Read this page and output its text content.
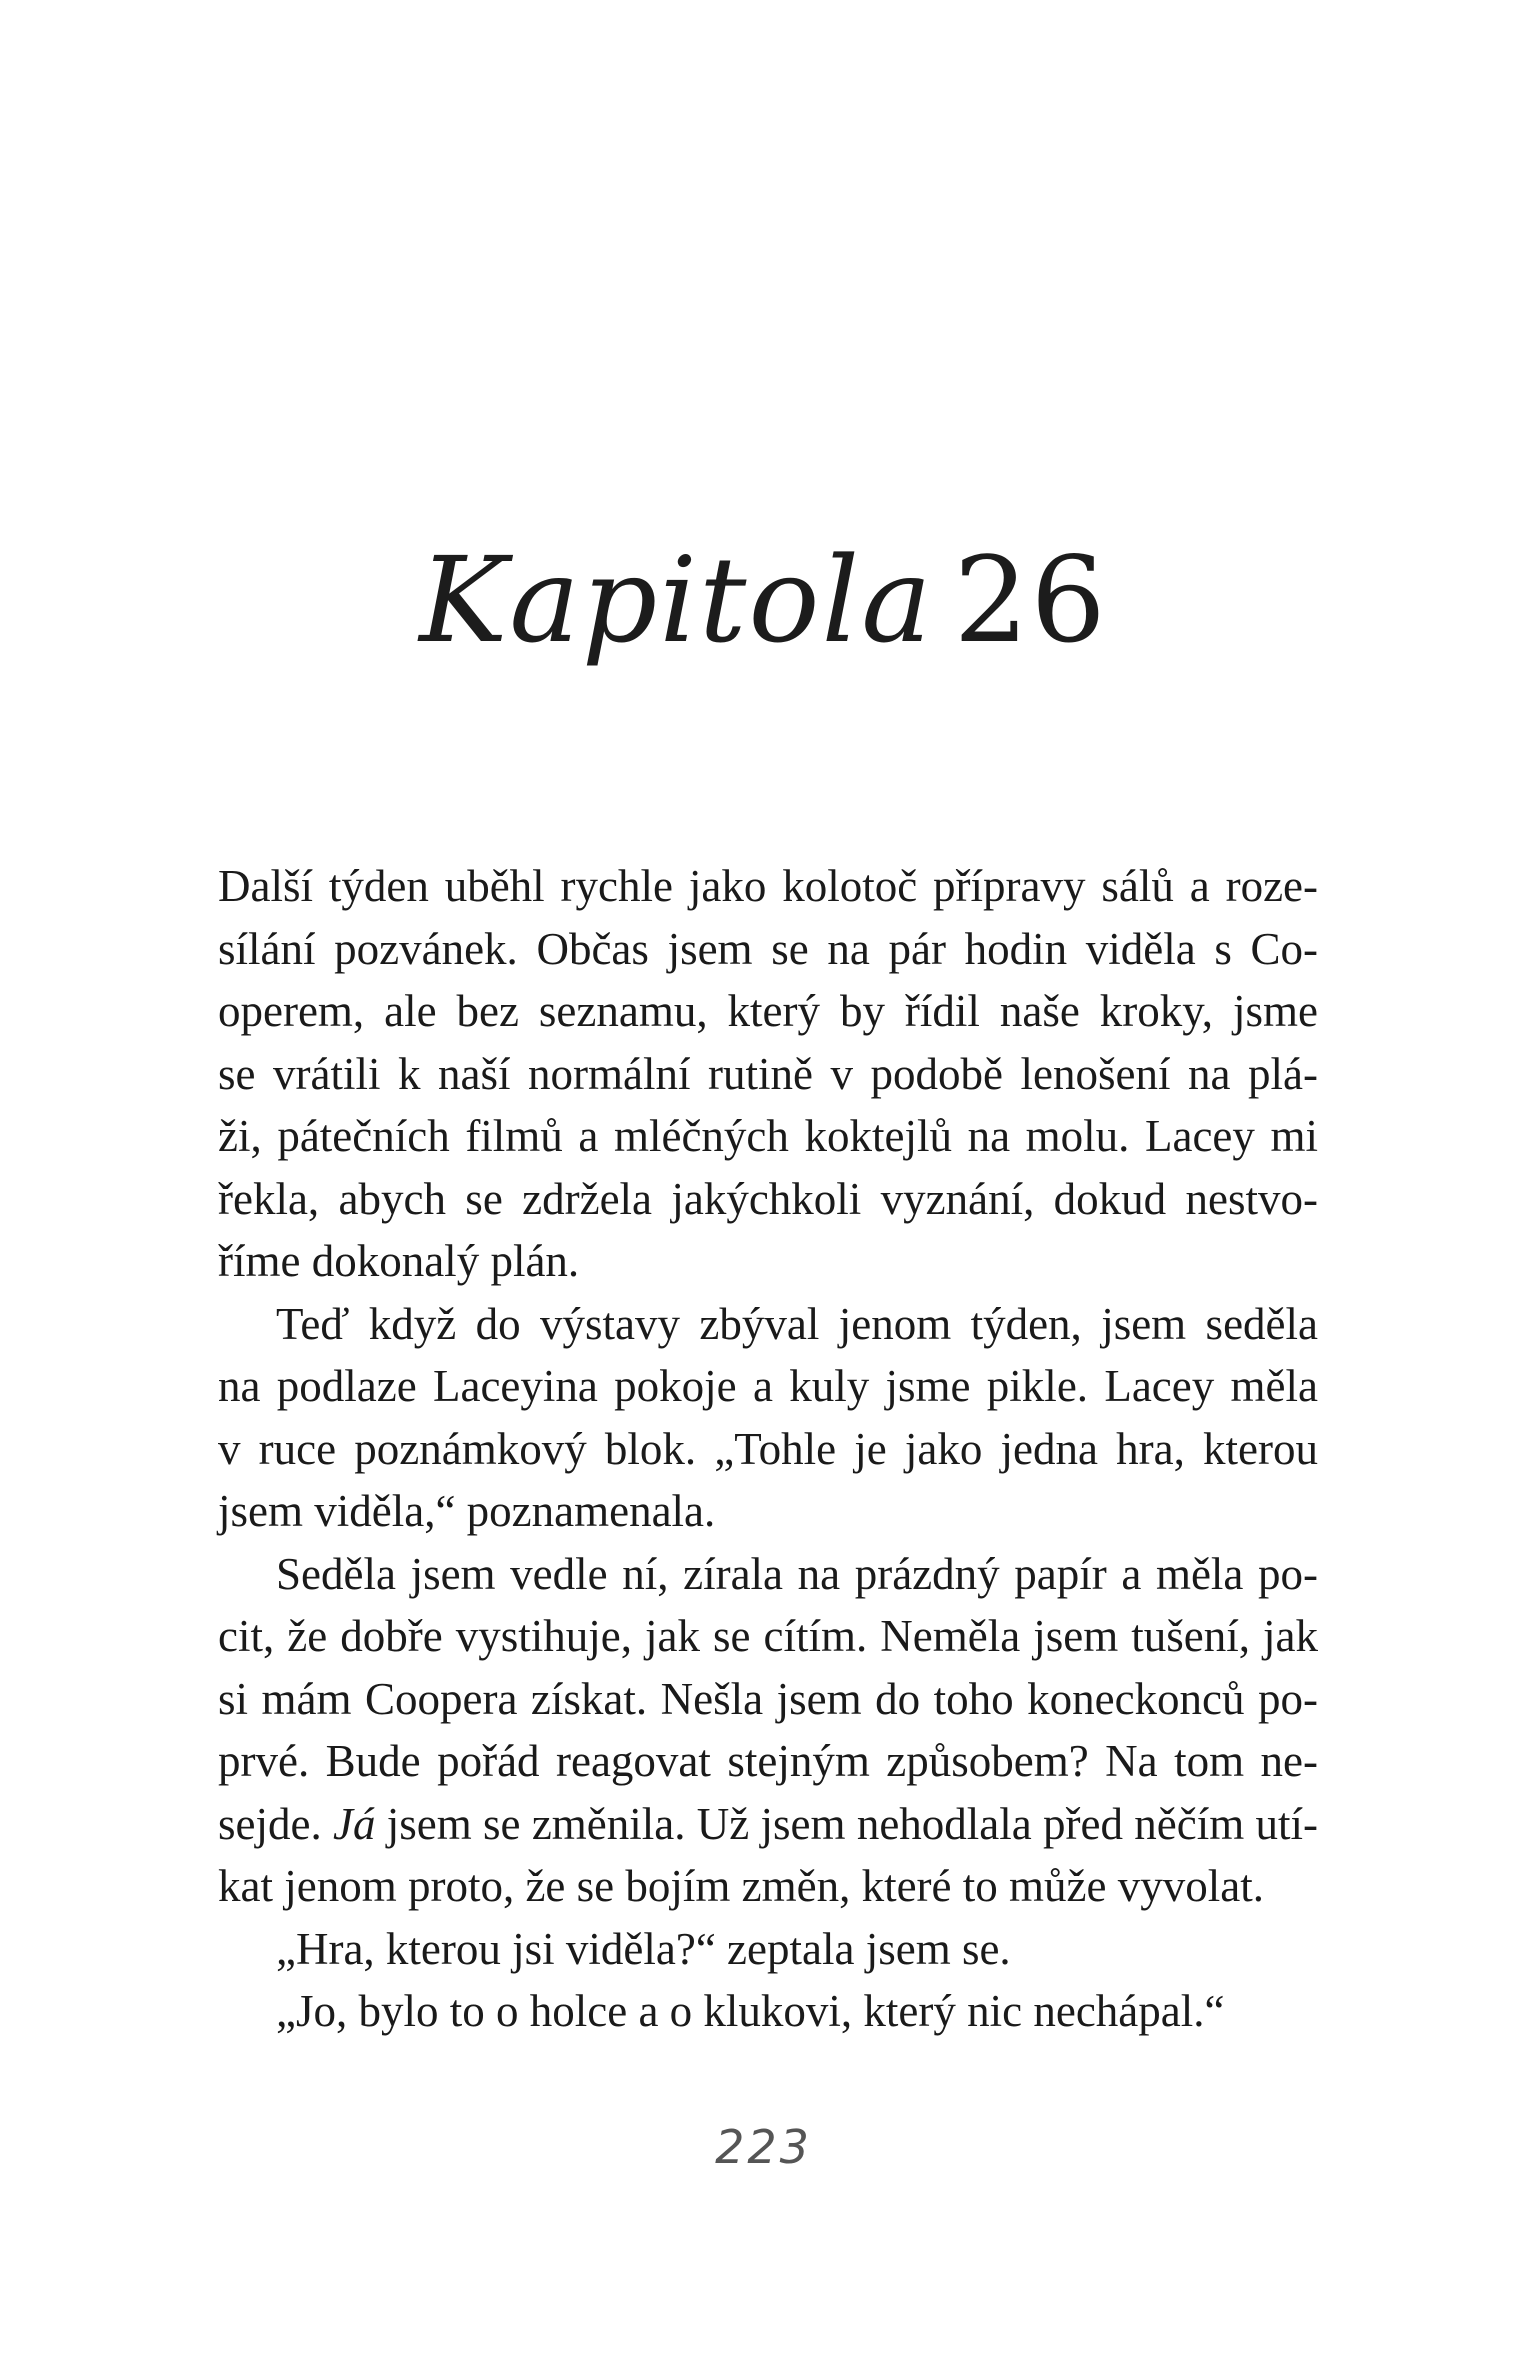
Kapitola 26

Další týden uběhl rychle jako kolotoč přípravy sálů a roze-
sílání pozvánek. Občas jsem se na pár hodin viděla s Co-
operem, ale bez seznamu, který by řídil naše kroky, jsme
se vrátili k naší normální rutině v podobě lenošení na plá-
ži, pátečních filmů a mléčných koktejlů na molu. Lacey mi
řekla, abych se zdržela jakýchkoli vyznání, dokud nestvo-
říme dokonalý plán.

Teď když do výstavy zbýval jenom týden, jsem seděla
na podlaze Laceyina pokoje a kuly jsme pikle. Lacey měla
v ruce poznámkový blok. „Tohle je jako jedna hra, kterou
jsem viděla,“ poznamenala.

Seděla jsem vedle ní, zírala na prázdný papír a měla po-
cit, že dobře vystihuje, jak se cítím. Neměla jsem tušení, jak
si mám Coopera získat. Nešla jsem do toho koneckonců po-
prvé. Bude pořád reagovat stejným způsobem? Na tom ne-
sejde. Já jsem se změnila. Už jsem nehodlala před něčím utí-
kat jenom proto, že se bojím změn, které to může vyvolat.

„Hra, kterou jsi viděla?“ zeptala jsem se.

„Jo, bylo to o holce a o klukovi, který nic nechápal.“

223
